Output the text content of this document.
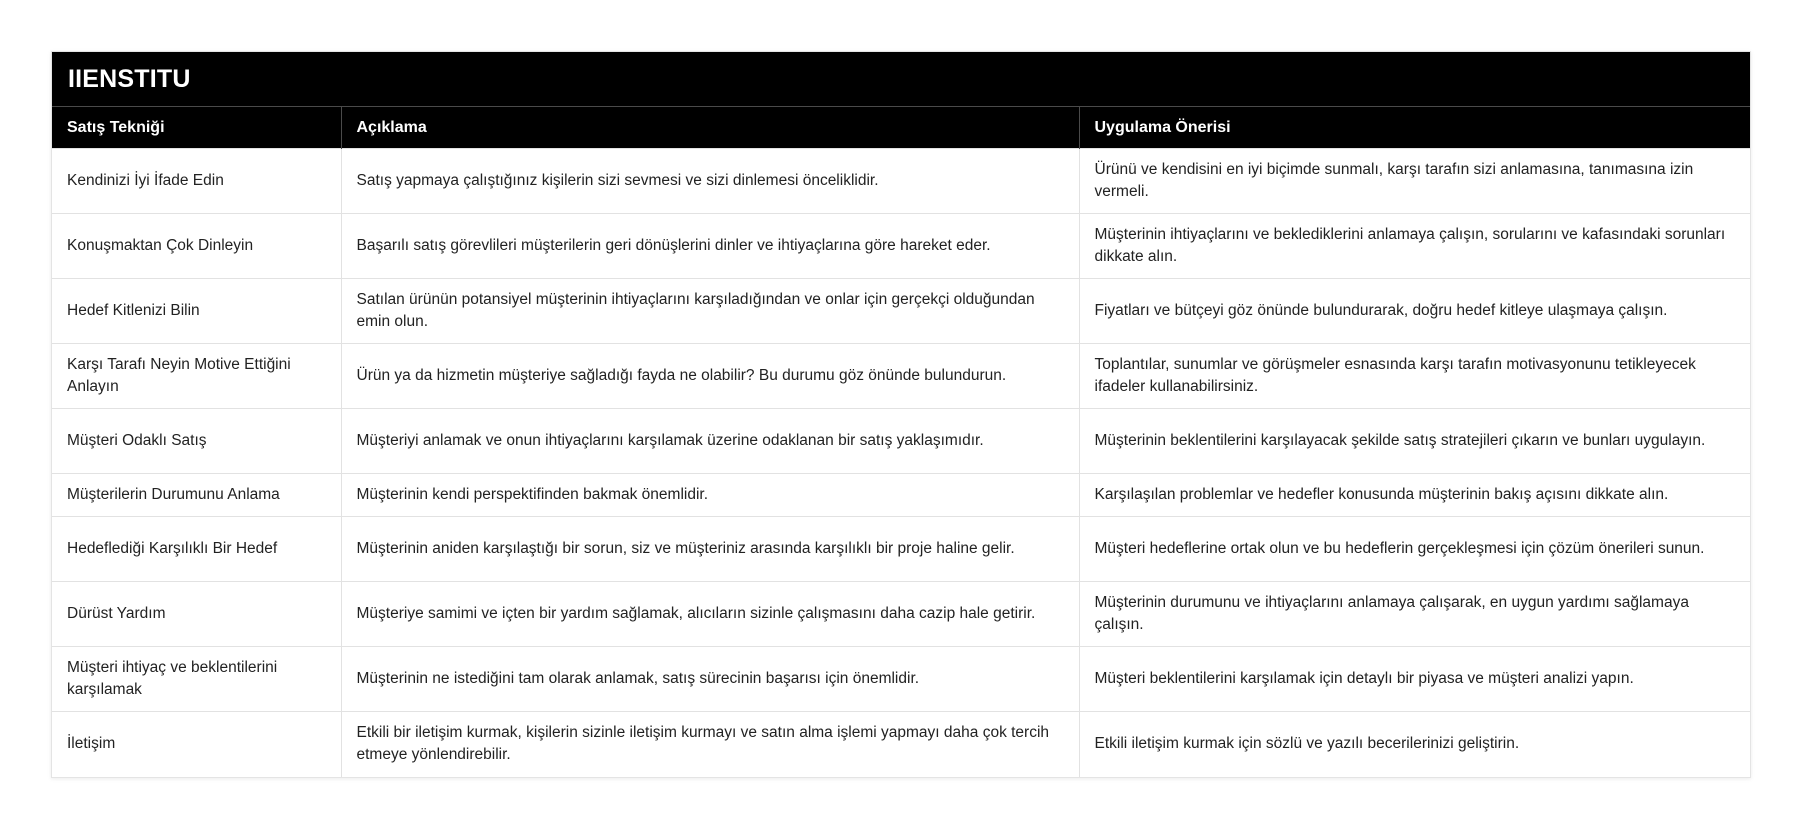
IIENSTITU
Satış Tekniği	Açıklama	Uygulama Önerisi
Kendinizi İyi İfade Edin	Satış yapmaya çalıştığınız kişilerin sizi sevmesi ve sizi dinlemesi önceliklidir.	Ürünü ve kendisini en iyi biçimde sunmalı, karşı tarafın sizi anlamasına, tanımasına izin vermeli.
Konuşmaktan Çok Dinleyin	Başarılı satış görevlileri müşterilerin geri dönüşlerini dinler ve ihtiyaçlarına göre hareket eder.	Müşterinin ihtiyaçlarını ve beklediklerini anlamaya çalışın, sorularını ve kafasındaki sorunları dikkate alın.
Hedef Kitlenizi Bilin	Satılan ürünün potansiyel müşterinin ihtiyaçlarını karşıladığından ve onlar için gerçekçi olduğundan emin olun.	Fiyatları ve bütçeyi göz önünde bulundurarak, doğru hedef kitleye ulaşmaya çalışın.
Karşı Tarafı Neyin Motive Ettiğini Anlayın	Ürün ya da hizmetin müşteriye sağladığı fayda ne olabilir? Bu durumu göz önünde bulundurun.	Toplantılar, sunumlar ve görüşmeler esnasında karşı tarafın motivasyonunu tetikleyecek ifadeler kullanabilirsiniz.
Müşteri Odaklı Satış	Müşteriyi anlamak ve onun ihtiyaçlarını karşılamak üzerine odaklanan bir satış yaklaşımıdır.	Müşterinin beklentilerini karşılayacak şekilde satış stratejileri çıkarın ve bunları uygulayın.
Müşterilerin Durumunu Anlama	Müşterinin kendi perspektifinden bakmak önemlidir.	Karşılaşılan problemlar ve hedefler konusunda müşterinin bakış açısını dikkate alın.
Hedeflediği Karşılıklı Bir Hedef	Müşterinin aniden karşılaştığı bir sorun, siz ve müşteriniz arasında karşılıklı bir proje haline gelir.	Müşteri hedeflerine ortak olun ve bu hedeflerin gerçekleşmesi için çözüm önerileri sunun.
Dürüst Yardım	Müşteriye samimi ve içten bir yardım sağlamak, alıcıların sizinle çalışmasını daha cazip hale getirir.	Müşterinin durumunu ve ihtiyaçlarını anlamaya çalışarak, en uygun yardımı sağlamaya çalışın.
Müşteri ihtiyaç ve beklentilerini karşılamak	Müşterinin ne istediğini tam olarak anlamak, satış sürecinin başarısı için önemlidir.	Müşteri beklentilerini karşılamak için detaylı bir piyasa ve müşteri analizi yapın.
İletişim	Etkili bir iletişim kurmak, kişilerin sizinle iletişim kurmayı ve satın alma işlemi yapmayı daha çok tercih etmeye yönlendirebilir.	Etkili iletişim kurmak için sözlü ve yazılı becerilerinizi geliştirin.
